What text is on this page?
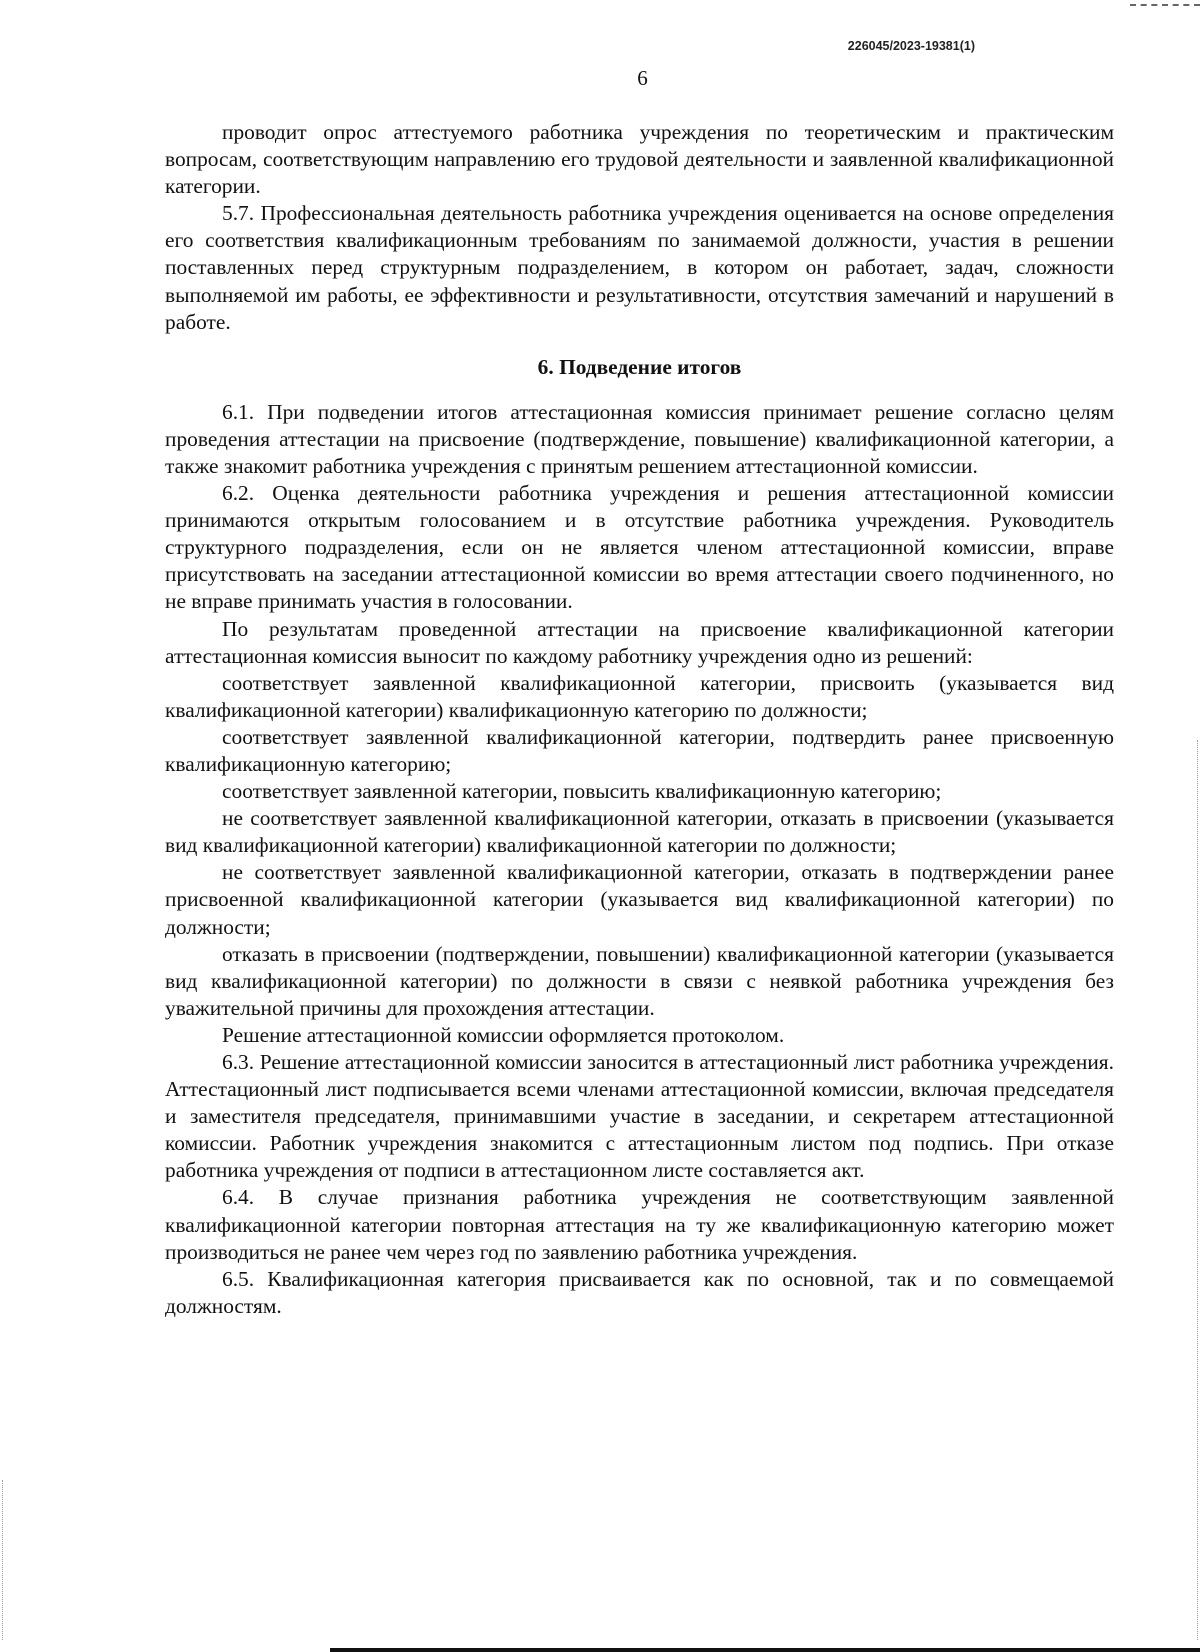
226045/2023-19381(1)
6

проводит опрос аттестуемого работника учреждения по теоретическим и практическим вопросам, соответствующим направлению его трудовой деятельности и заявленной квалификационной категории.

5.7. Профессиональная деятельность работника учреждения оценивается на основе определения его соответствия квалификационным требованиям по занимаемой должности, участия в решении поставленных перед структурным подразделением, в котором он работает, задач, сложности выполняемой им работы, ее эффективности и результативности, отсутствия замечаний и нарушений в работе.

6. Подведение итогов

6.1. При подведении итогов аттестационная комиссия принимает решение согласно целям проведения аттестации на присвоение (подтверждение, повышение) квалификационной категории, а также знакомит работника учреждения с принятым решением аттестационной комиссии.

6.2. Оценка деятельности работника учреждения и решения аттестационной комиссии принимаются открытым голосованием и в отсутствие работника учреждения. Руководитель структурного подразделения, если он не является членом аттестационной комиссии, вправе присутствовать на заседании аттестационной комиссии во время аттестации своего подчиненного, но не вправе принимать участия в голосовании.

По результатам проведенной аттестации на присвоение квалификационной категории аттестационная комиссия выносит по каждому работнику учреждения одно из решений:

соответствует заявленной квалификационной категории, присвоить (указывается вид квалификационной категории) квалификационную категорию по должности;

соответствует заявленной квалификационной категории, подтвердить ранее присвоенную квалификационную категорию;

соответствует заявленной категории, повысить квалификационную категорию;

не соответствует заявленной квалификационной категории, отказать в присвоении (указывается вид квалификационной категории) квалификационной категории по должности;

не соответствует заявленной квалификационной категории, отказать в подтверждении ранее присвоенной квалификационной категории (указывается вид квалификационной категории) по должности;

отказать в присвоении (подтверждении, повышении) квалификационной категории (указывается вид квалификационной категории) по должности в связи с неявкой работника учреждения без уважительной причины для прохождения аттестации.

Решение аттестационной комиссии оформляется протоколом.

6.3. Решение аттестационной комиссии заносится в аттестационный лист работника учреждения. Аттестационный лист подписывается всеми членами аттестационной комиссии, включая председателя и заместителя председателя, принимавшими участие в заседании, и секретарем аттестационной комиссии. Работник учреждения знакомится с аттестационным листом под подпись. При отказе работника учреждения от подписи в аттестационном листе составляется акт.

6.4. В случае признания работника учреждения не соответствующим заявленной квалификационной категории повторная аттестация на ту же квалификационную категорию может производиться не ранее чем через год по заявлению работника учреждения.

6.5. Квалификационная категория присваивается как по основной, так и по совмещаемой должностям.
